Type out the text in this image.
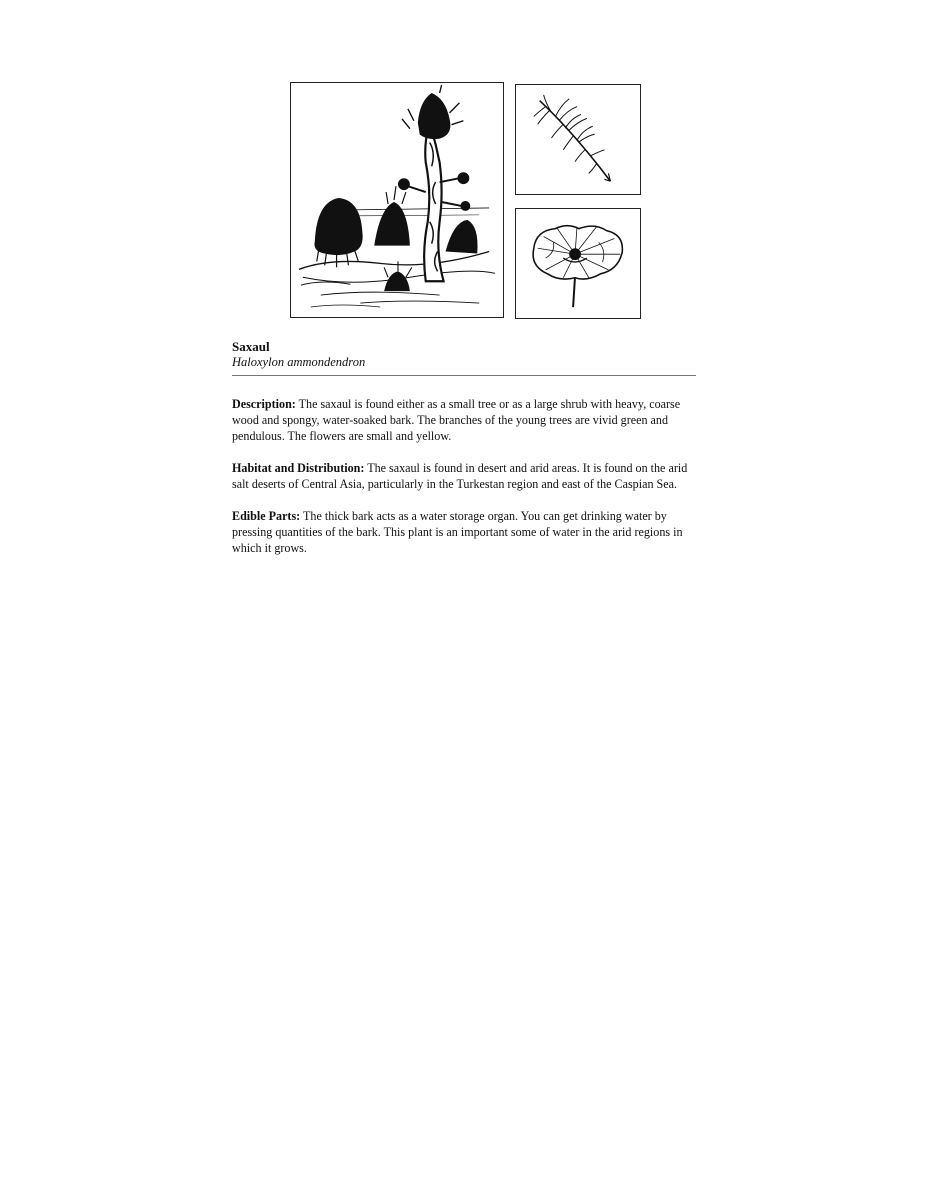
Saxaul
Haloxylon ammondendron

Description: The saxaul is found either as a small tree or as a large shrub with heavy, coarse wood and spongy, water-soaked bark. The branches of the young trees are vivid green and pendulous. The flowers are small and yellow.

Habitat and Distribution: The saxaul is found in desert and arid areas. It is found on the arid salt deserts of Central Asia, particularly in the Turkestan region and east of the Caspian Sea.

Edible Parts: The thick bark acts as a water storage organ. You can get drinking water by pressing quantities of the bark. This plant is an important some of water in the arid regions in which it grows.
